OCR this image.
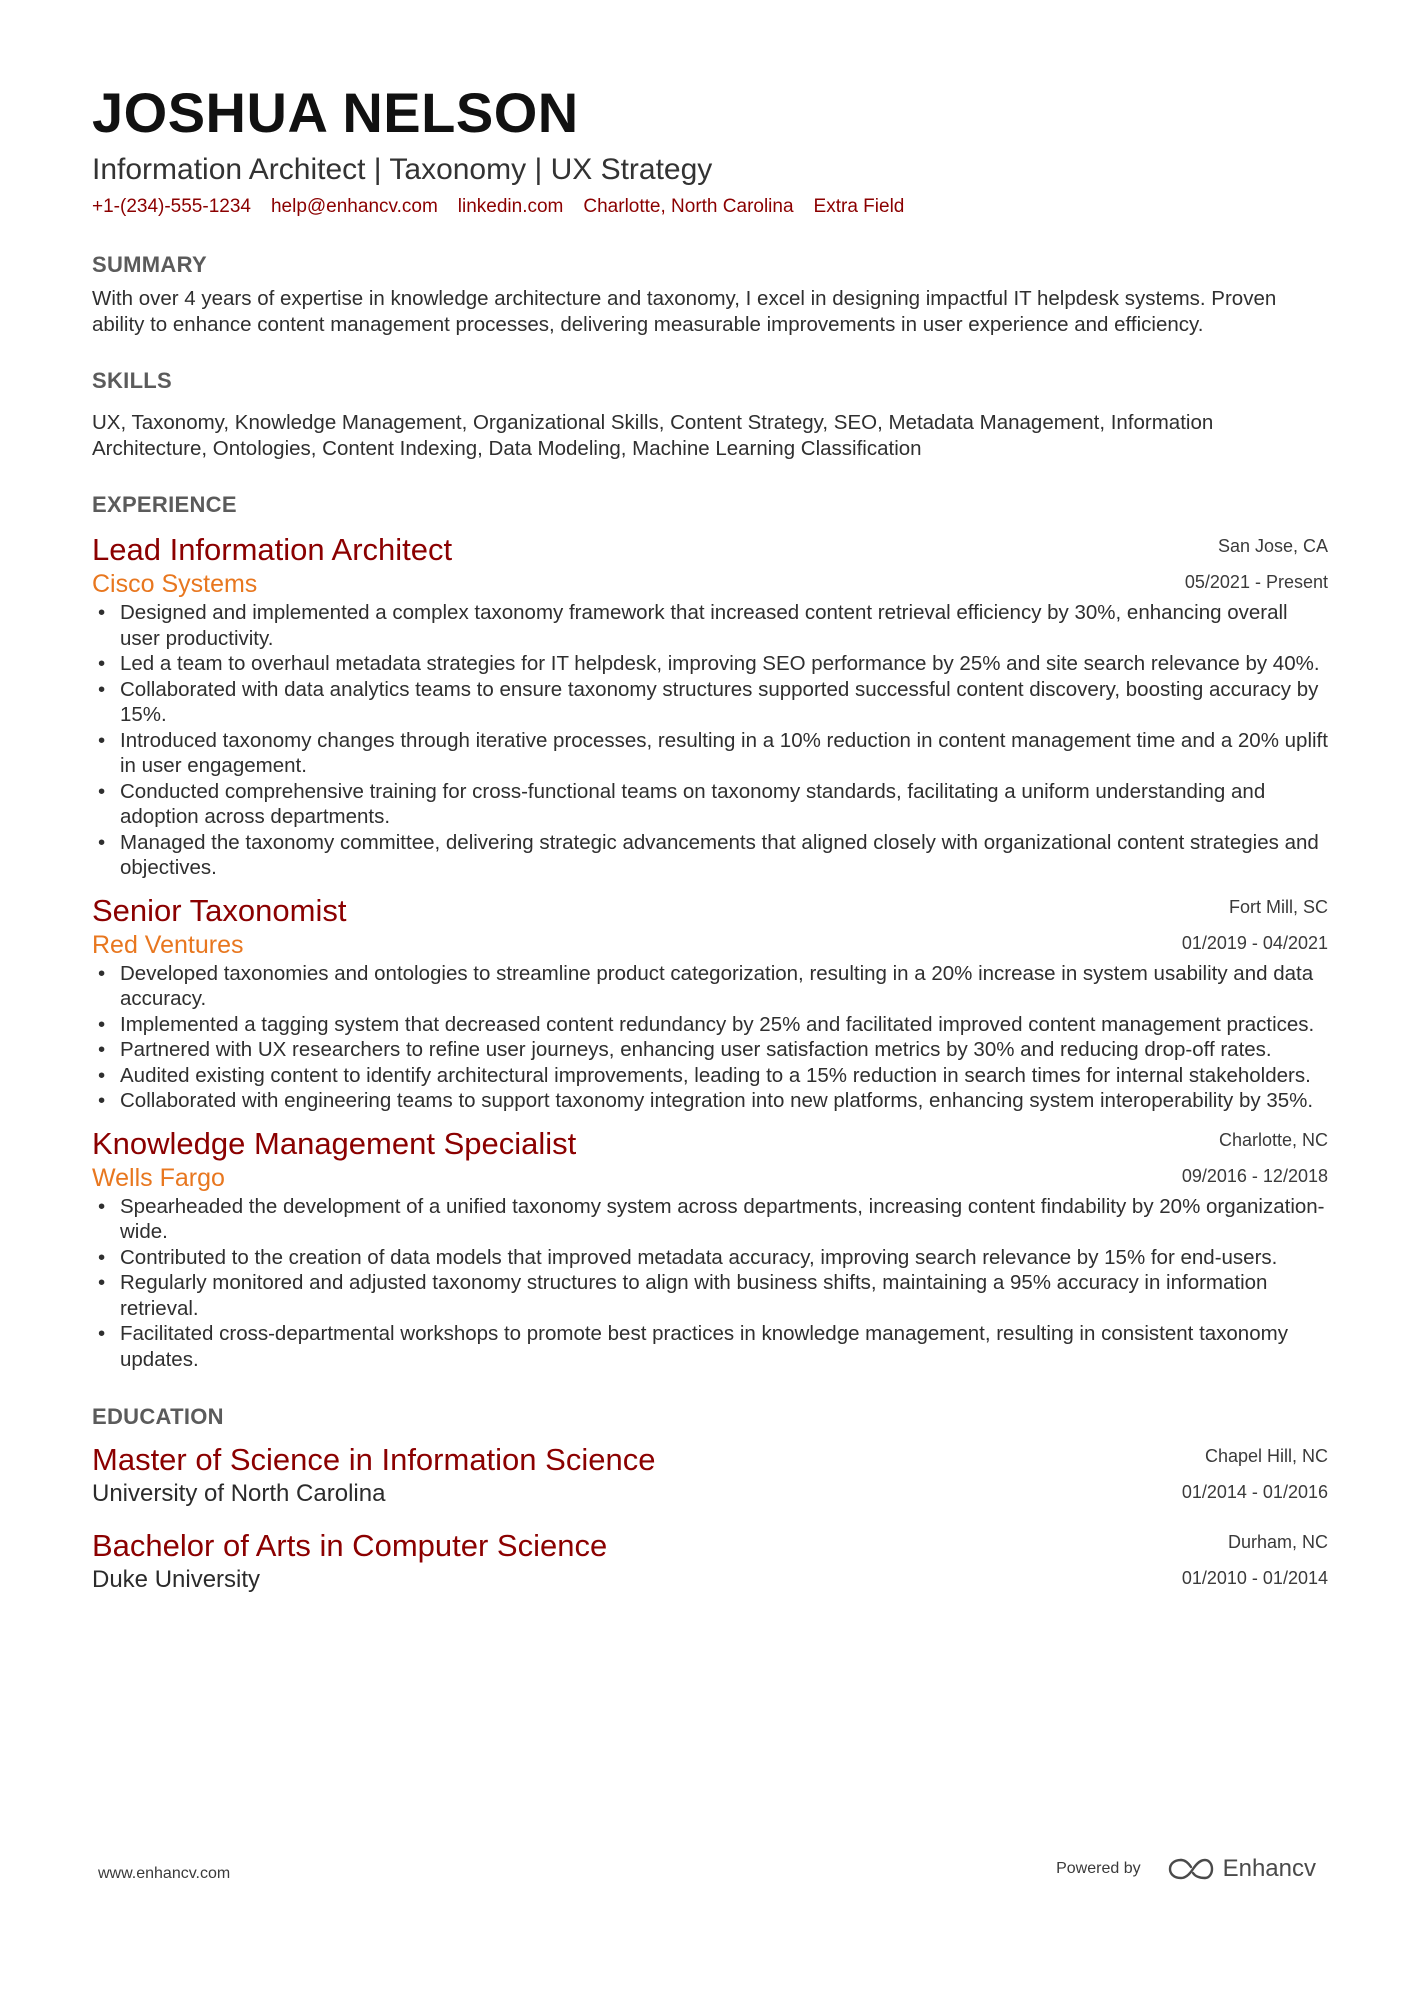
JOSHUA NELSON
Information Architect | Taxonomy | UX Strategy
+1-(234)-555-1234 help@enhancv.com linkedin.com Charlotte, North Carolina Extra Field
SUMMARY
With over 4 years of expertise in knowledge architecture and taxonomy, I excel in designing impactful IT helpdesk systems. Proven ability to enhance content management processes, delivering measurable improvements in user experience and efficiency.
SKILLS
UX, Taxonomy, Knowledge Management, Organizational Skills, Content Strategy, SEO, Metadata Management, Information Architecture, Ontologies, Content Indexing, Data Modeling, Machine Learning Classification
EXPERIENCE
Lead Information Architect
Cisco Systems
San Jose, CA
05/2021 - Present
• Designed and implemented a complex taxonomy framework that increased content retrieval efficiency by 30%, enhancing overall user productivity.
• Led a team to overhaul metadata strategies for IT helpdesk, improving SEO performance by 25% and site search relevance by 40%.
• Collaborated with data analytics teams to ensure taxonomy structures supported successful content discovery, boosting accuracy by 15%.
• Introduced taxonomy changes through iterative processes, resulting in a 10% reduction in content management time and a 20% uplift in user engagement.
• Conducted comprehensive training for cross-functional teams on taxonomy standards, facilitating a uniform understanding and adoption across departments.
• Managed the taxonomy committee, delivering strategic advancements that aligned closely with organizational content strategies and objectives.
Senior Taxonomist
Red Ventures
Fort Mill, SC
01/2019 - 04/2021
• Developed taxonomies and ontologies to streamline product categorization, resulting in a 20% increase in system usability and data accuracy.
• Implemented a tagging system that decreased content redundancy by 25% and facilitated improved content management practices.
• Partnered with UX researchers to refine user journeys, enhancing user satisfaction metrics by 30% and reducing drop-off rates.
• Audited existing content to identify architectural improvements, leading to a 15% reduction in search times for internal stakeholders.
• Collaborated with engineering teams to support taxonomy integration into new platforms, enhancing system interoperability by 35%.
Knowledge Management Specialist
Wells Fargo
Charlotte, NC
09/2016 - 12/2018
• Spearheaded the development of a unified taxonomy system across departments, increasing content findability by 20% organization-wide.
• Contributed to the creation of data models that improved metadata accuracy, improving search relevance by 15% for end-users.
• Regularly monitored and adjusted taxonomy structures to align with business shifts, maintaining a 95% accuracy in information retrieval.
• Facilitated cross-departmental workshops to promote best practices in knowledge management, resulting in consistent taxonomy updates.
EDUCATION
Master of Science in Information Science
University of North Carolina
Chapel Hill, NC
01/2014 - 01/2016
Bachelor of Arts in Computer Science
Duke University
Durham, NC
01/2010 - 01/2014
www.enhancv.com	Powered by	Enhancv
